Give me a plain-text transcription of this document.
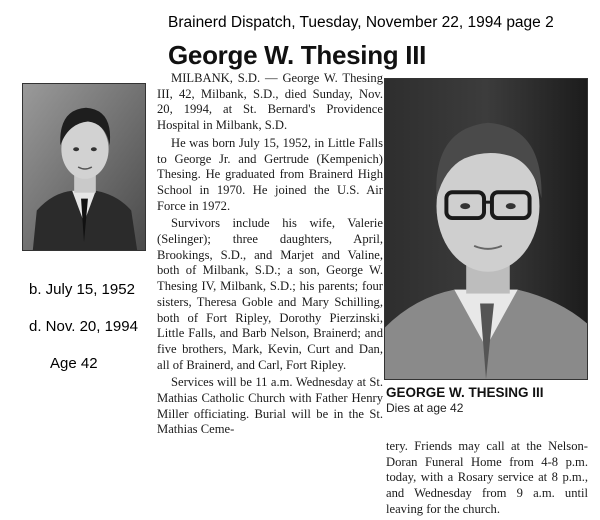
Brainerd Dispatch, Tuesday, November 22, 1994 page 2
George W. Thesing III
b. July 15, 1952
d. Nov. 20, 1994
Age 42

MILBANK, S.D. — George W. Thesing III, 42, Milbank, S.D., died Sunday, Nov. 20, 1994, at St. Bernard's Providence Hospital in Milbank, S.D.

He was born July 15, 1952, in Little Falls to George Jr. and Gertrude (Kempenich) Thesing. He graduated from Brainerd High School in 1970. He joined the U.S. Air Force in 1972.

Survivors include his wife, Valerie (Selinger); three daughters, April, Brookings, S.D., and Marjet and Valine, both of Milbank, S.D.; a son, George W. Thesing IV, Milbank, S.D.; his parents; four sisters, Theresa Goble and Mary Schilling, both of Fort Ripley, Dorothy Pierzinski, Little Falls, and Barb Nelson, Brainerd; and five brothers, Mark, Kevin, Curt and Dan, all of Brainerd, and Carl, Fort Ripley.

Services will be 11 a.m. Wednesday at St. Mathias Catholic Church with Father Henry Miller officiating. Burial will be in the St. Mathias Ceme-

GEORGE W. THESING III
Dies at age 42
tery. Friends may call at the Nelson-Doran Funeral Home from 4-8 p.m. today, with a Rosary service at 8 p.m., and Wednesday from 9 a.m. until leaving for the church.
